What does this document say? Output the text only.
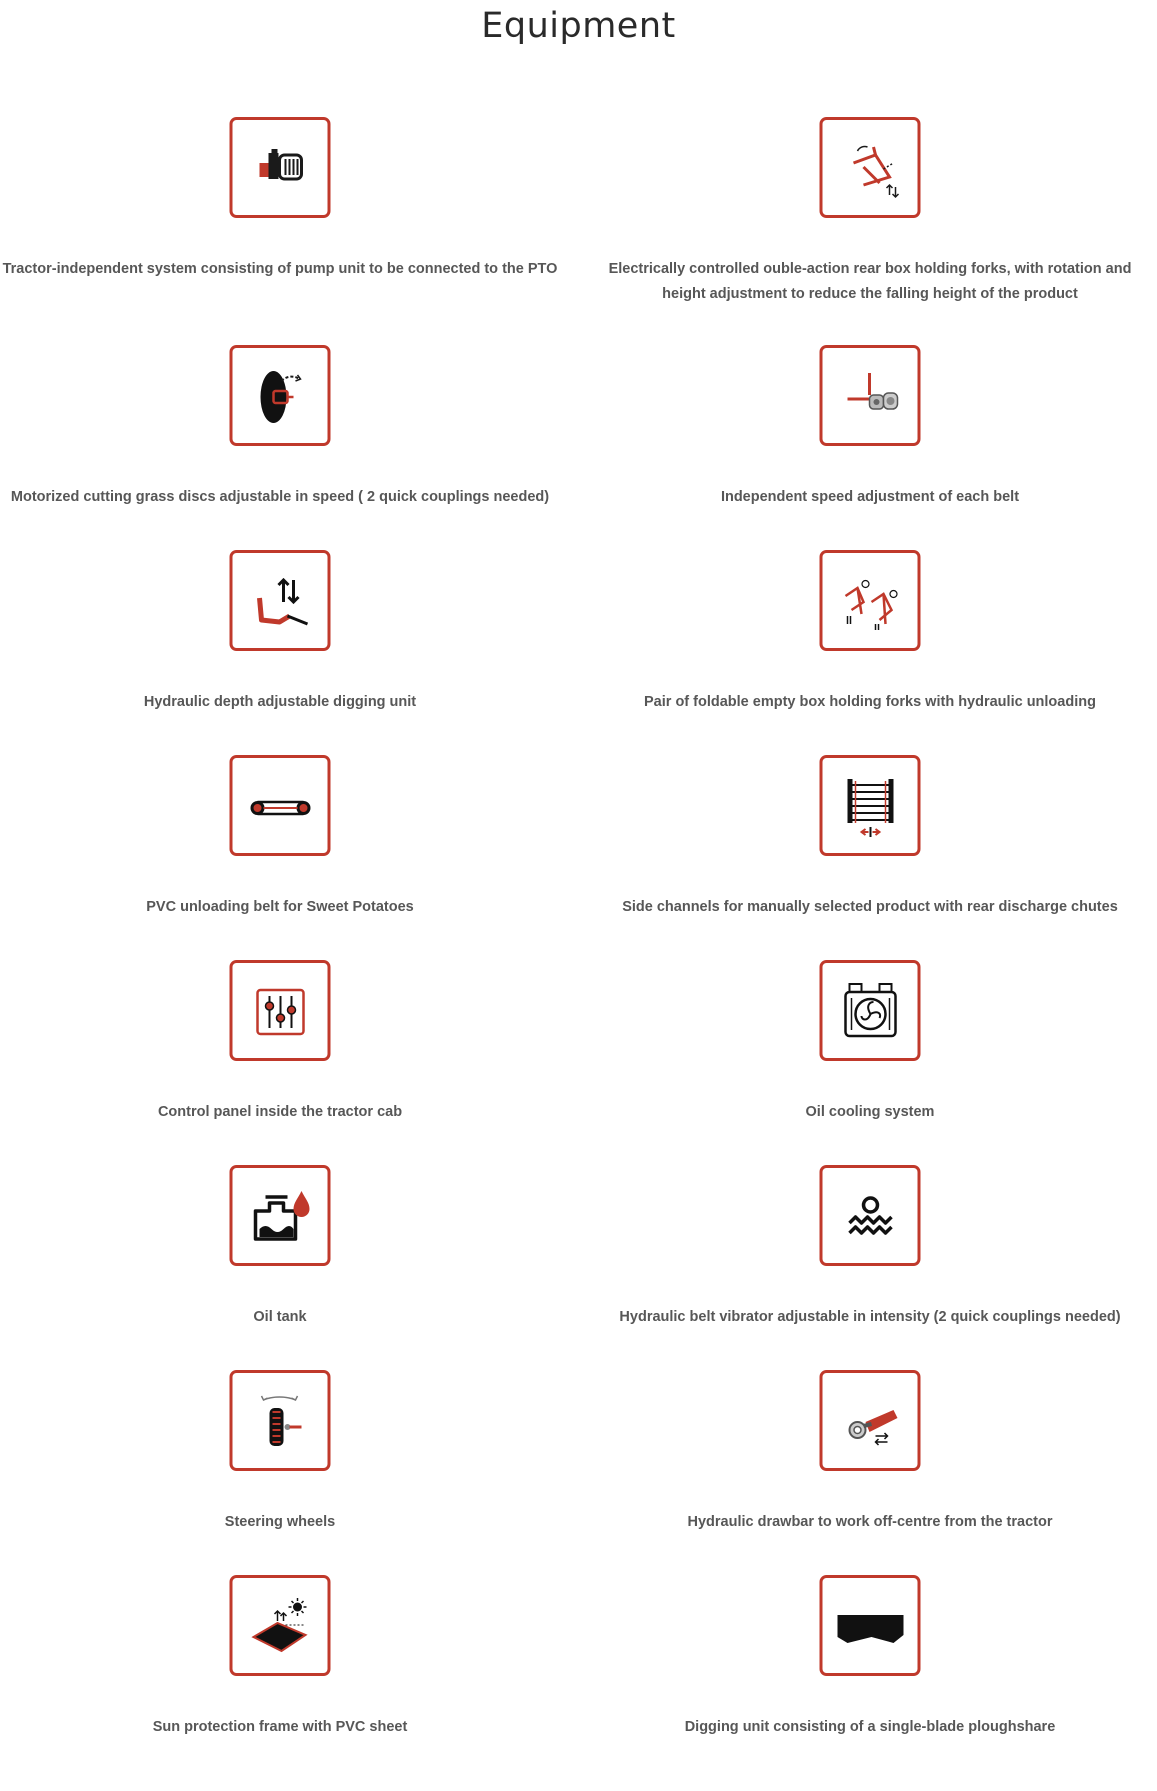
Equipment

Tractor-independent system consisting of pump unit to be connected to the PTO	Electrically controlled ouble-action rear box holding forks, with rotation and height adjustment to reduce the falling height of the product

Motorized cutting grass discs adjustable in speed ( 2 quick couplings needed)	Independent speed adjustment of each belt

Hydraulic depth adjustable digging unit	Pair of foldable empty box holding forks with hydraulic unloading

PVC unloading belt for Sweet Potatoes	Side channels for manually selected product with rear discharge chutes

Control panel inside the tractor cab	Oil cooling system

Oil tank	Hydraulic belt vibrator adjustable in intensity (2 quick couplings needed)

Steering wheels	Hydraulic drawbar to work off-centre from the tractor

Sun protection frame with PVC sheet	Digging unit consisting of a single-blade ploughshare
